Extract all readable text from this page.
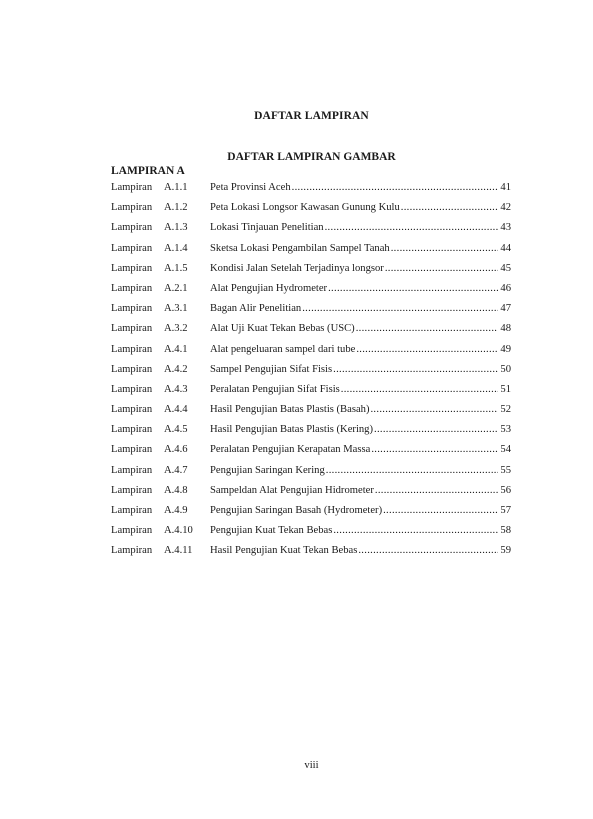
DAFTAR LAMPIRAN
DAFTAR LAMPIRAN GAMBAR
LAMPIRAN A
Lampiran	A.1.1	Peta Provinsi Aceh .....	41
Lampiran	A.1.2	Peta Lokasi Longsor Kawasan Gunung Kulu .....	42
Lampiran	A.1.3	Lokasi Tinjauan Penelitian .....	43
Lampiran	A.1.4	Sketsa Lokasi Pengambilan Sampel Tanah .....	44
Lampiran	A.1.5	Kondisi Jalan Setelah Terjadinya longsor .....	45
Lampiran	A.2.1	Alat Pengujian Hydrometer .....	46
Lampiran	A.3.1	Bagan Alir Penelitian .....	47
Lampiran	A.3.2	Alat Uji Kuat Tekan Bebas (USC) .....	48
Lampiran	A.4.1	Alat pengeluaran sampel dari tube .....	49
Lampiran	A.4.2	Sampel Pengujian Sifat Fisis .....	50
Lampiran	A.4.3	Peralatan Pengujian Sifat Fisis .....	51
Lampiran	A.4.4	Hasil Pengujian Batas Plastis (Basah) .....	52
Lampiran	A.4.5	Hasil Pengujian Batas Plastis (Kering) .....	53
Lampiran	A.4.6	Peralatan Pengujian Kerapatan Massa .....	54
Lampiran	A.4.7	Pengujian Saringan Kering .....	55
Lampiran	A.4.8	Sampeldan Alat Pengujian Hidrometer .....	56
Lampiran	A.4.9	Pengujian Saringan Basah (Hydrometer) .....	57
Lampiran	A.4.10	Pengujian Kuat Tekan Bebas .....	58
Lampiran	A.4.11	Hasil Pengujian Kuat Tekan Bebas .....	59
viii
